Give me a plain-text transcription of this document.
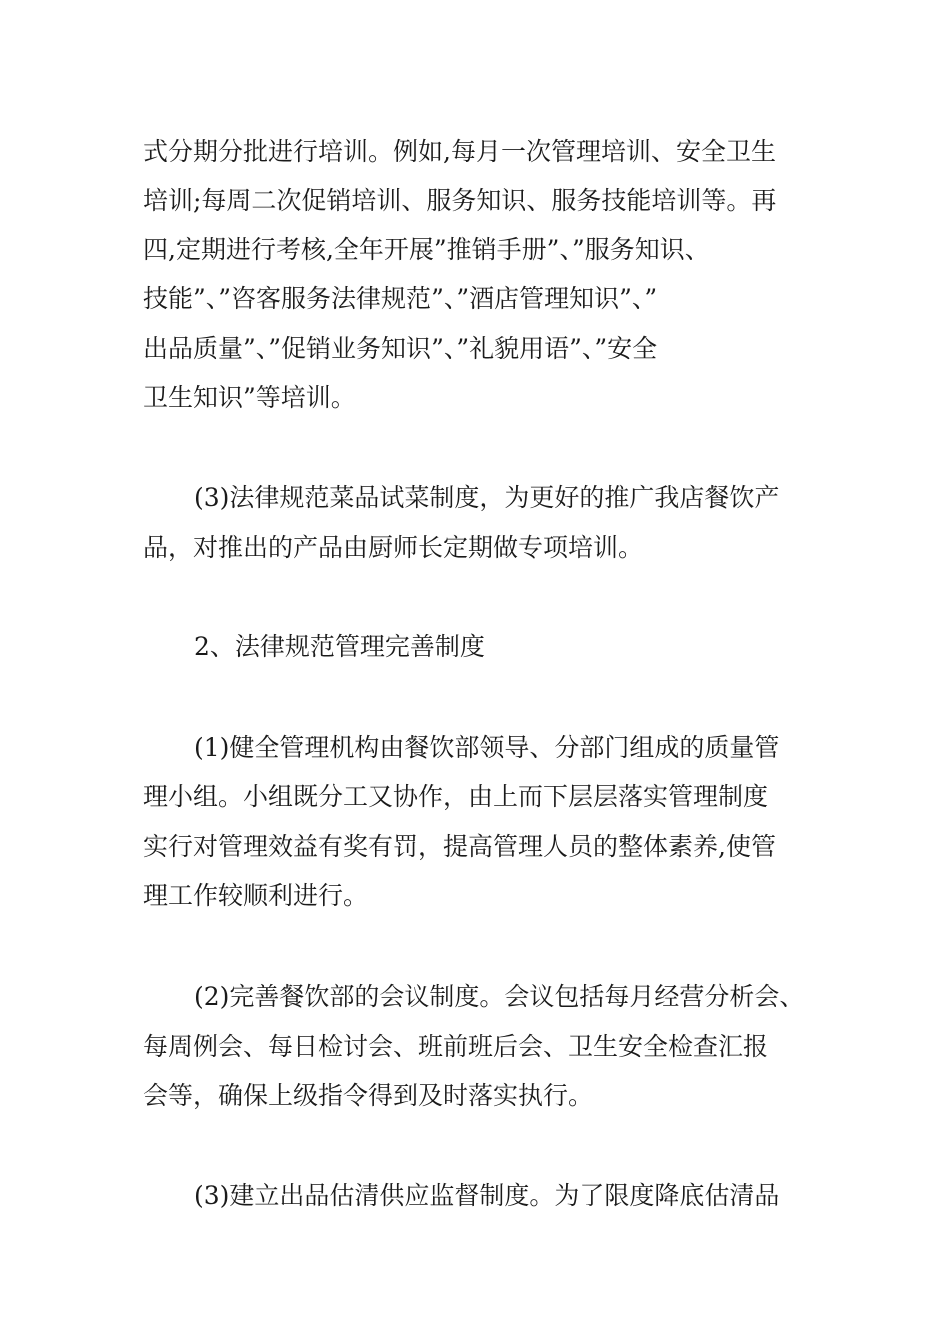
式分期分批进行培训。例如,每月一次管理培训、安全卫生

培训;每周二次促销培训、服务知识、服务技能培训等。再

四,定期进行考核,全年开展”推销手册”、”服务知识、

技能”、”咨客服务法律规范”、”酒店管理知识”、”

出品质量”、”促销业务知识”、”礼貌用语”、”安全

卫生知识”等培训。

(3)法律规范菜品试菜制度，为更好的推广我店餐饮产

品，对推出的产品由厨师长定期做专项培训。

2、法律规范管理完善制度

(1)健全管理机构由餐饮部领导、分部门组成的质量管

理小组。小组既分工又协作，由上而下层层落实管理制度

实行对管理效益有奖有罚，提高管理人员的整体素养,使管

理工作较顺利进行。

(2)完善餐饮部的会议制度。会议包括每月经营分析会、

每周例会、每日检讨会、班前班后会、卫生安全检查汇报

会等，确保上级指令得到及时落实执行。

(3)建立出品估清供应监督制度。为了限度降底估清品
